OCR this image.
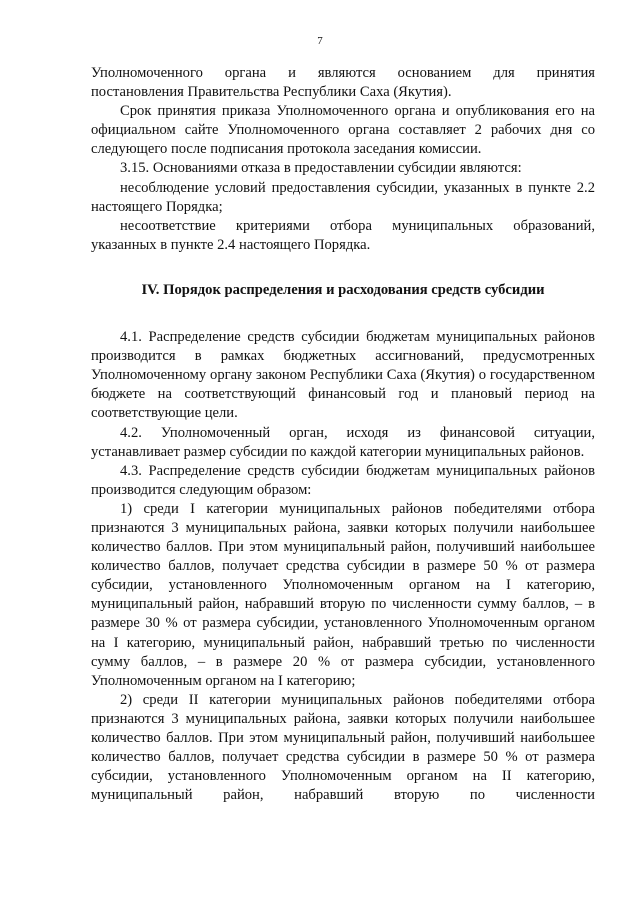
7

Уполномоченного органа и являются основанием для принятия

постановления Правительства Республики Саха (Якутия).

Срок принятия приказа Уполномоченного органа и опубликования его на официальном сайте Уполномоченного органа составляет 2 рабочих дня со следующего после подписания протокола заседания комиссии.

3.15. Основаниями отказа в предоставлении субсидии являются:

несоблюдение условий предоставления субсидии, указанных в пункте 2.2 настоящего Порядка;

несоответствие критериями отбора муниципальных образований, указанных в пункте 2.4 настоящего Порядка.

IV. Порядок распределения и расходования средств субсидии

4.1. Распределение средств субсидии бюджетам муниципальных районов производится в рамках бюджетных ассигнований, предусмотренных Уполномоченному органу законом Республики Саха (Якутия) о государственном бюджете на соответствующий финансовый год и плановый период на соответствующие цели.

4.2. Уполномоченный орган, исходя из финансовой ситуации, устанавливает размер субсидии по каждой категории муниципальных районов.

4.3. Распределение средств субсидии бюджетам муниципальных районов производится следующим образом:

1) среди I категории муниципальных районов победителями отбора признаются 3 муниципальных района, заявки которых получили наибольшее количество баллов. При этом муниципальный район, получивший наибольшее количество баллов, получает средства субсидии в размере 50 % от размера субсидии, установленного Уполномоченным органом на I категорию, муниципальный район, набравший вторую по численности сумму баллов, – в размере 30 % от размера субсидии, установленного Уполномоченным органом на I категорию, муниципальный район, набравший третью по численности сумму баллов, – в размере 20 % от размера субсидии, установленного Уполномоченным органом на I категорию;

2) среди II категории муниципальных районов победителями отбора признаются 3 муниципальных района, заявки которых получили наибольшее количество баллов. При этом муниципальный район, получивший наибольшее количество баллов, получает средства субсидии в размере 50 % от размера субсидии, установленного Уполномоченным органом на II категорию, муниципальный район, набравший вторую по численности
